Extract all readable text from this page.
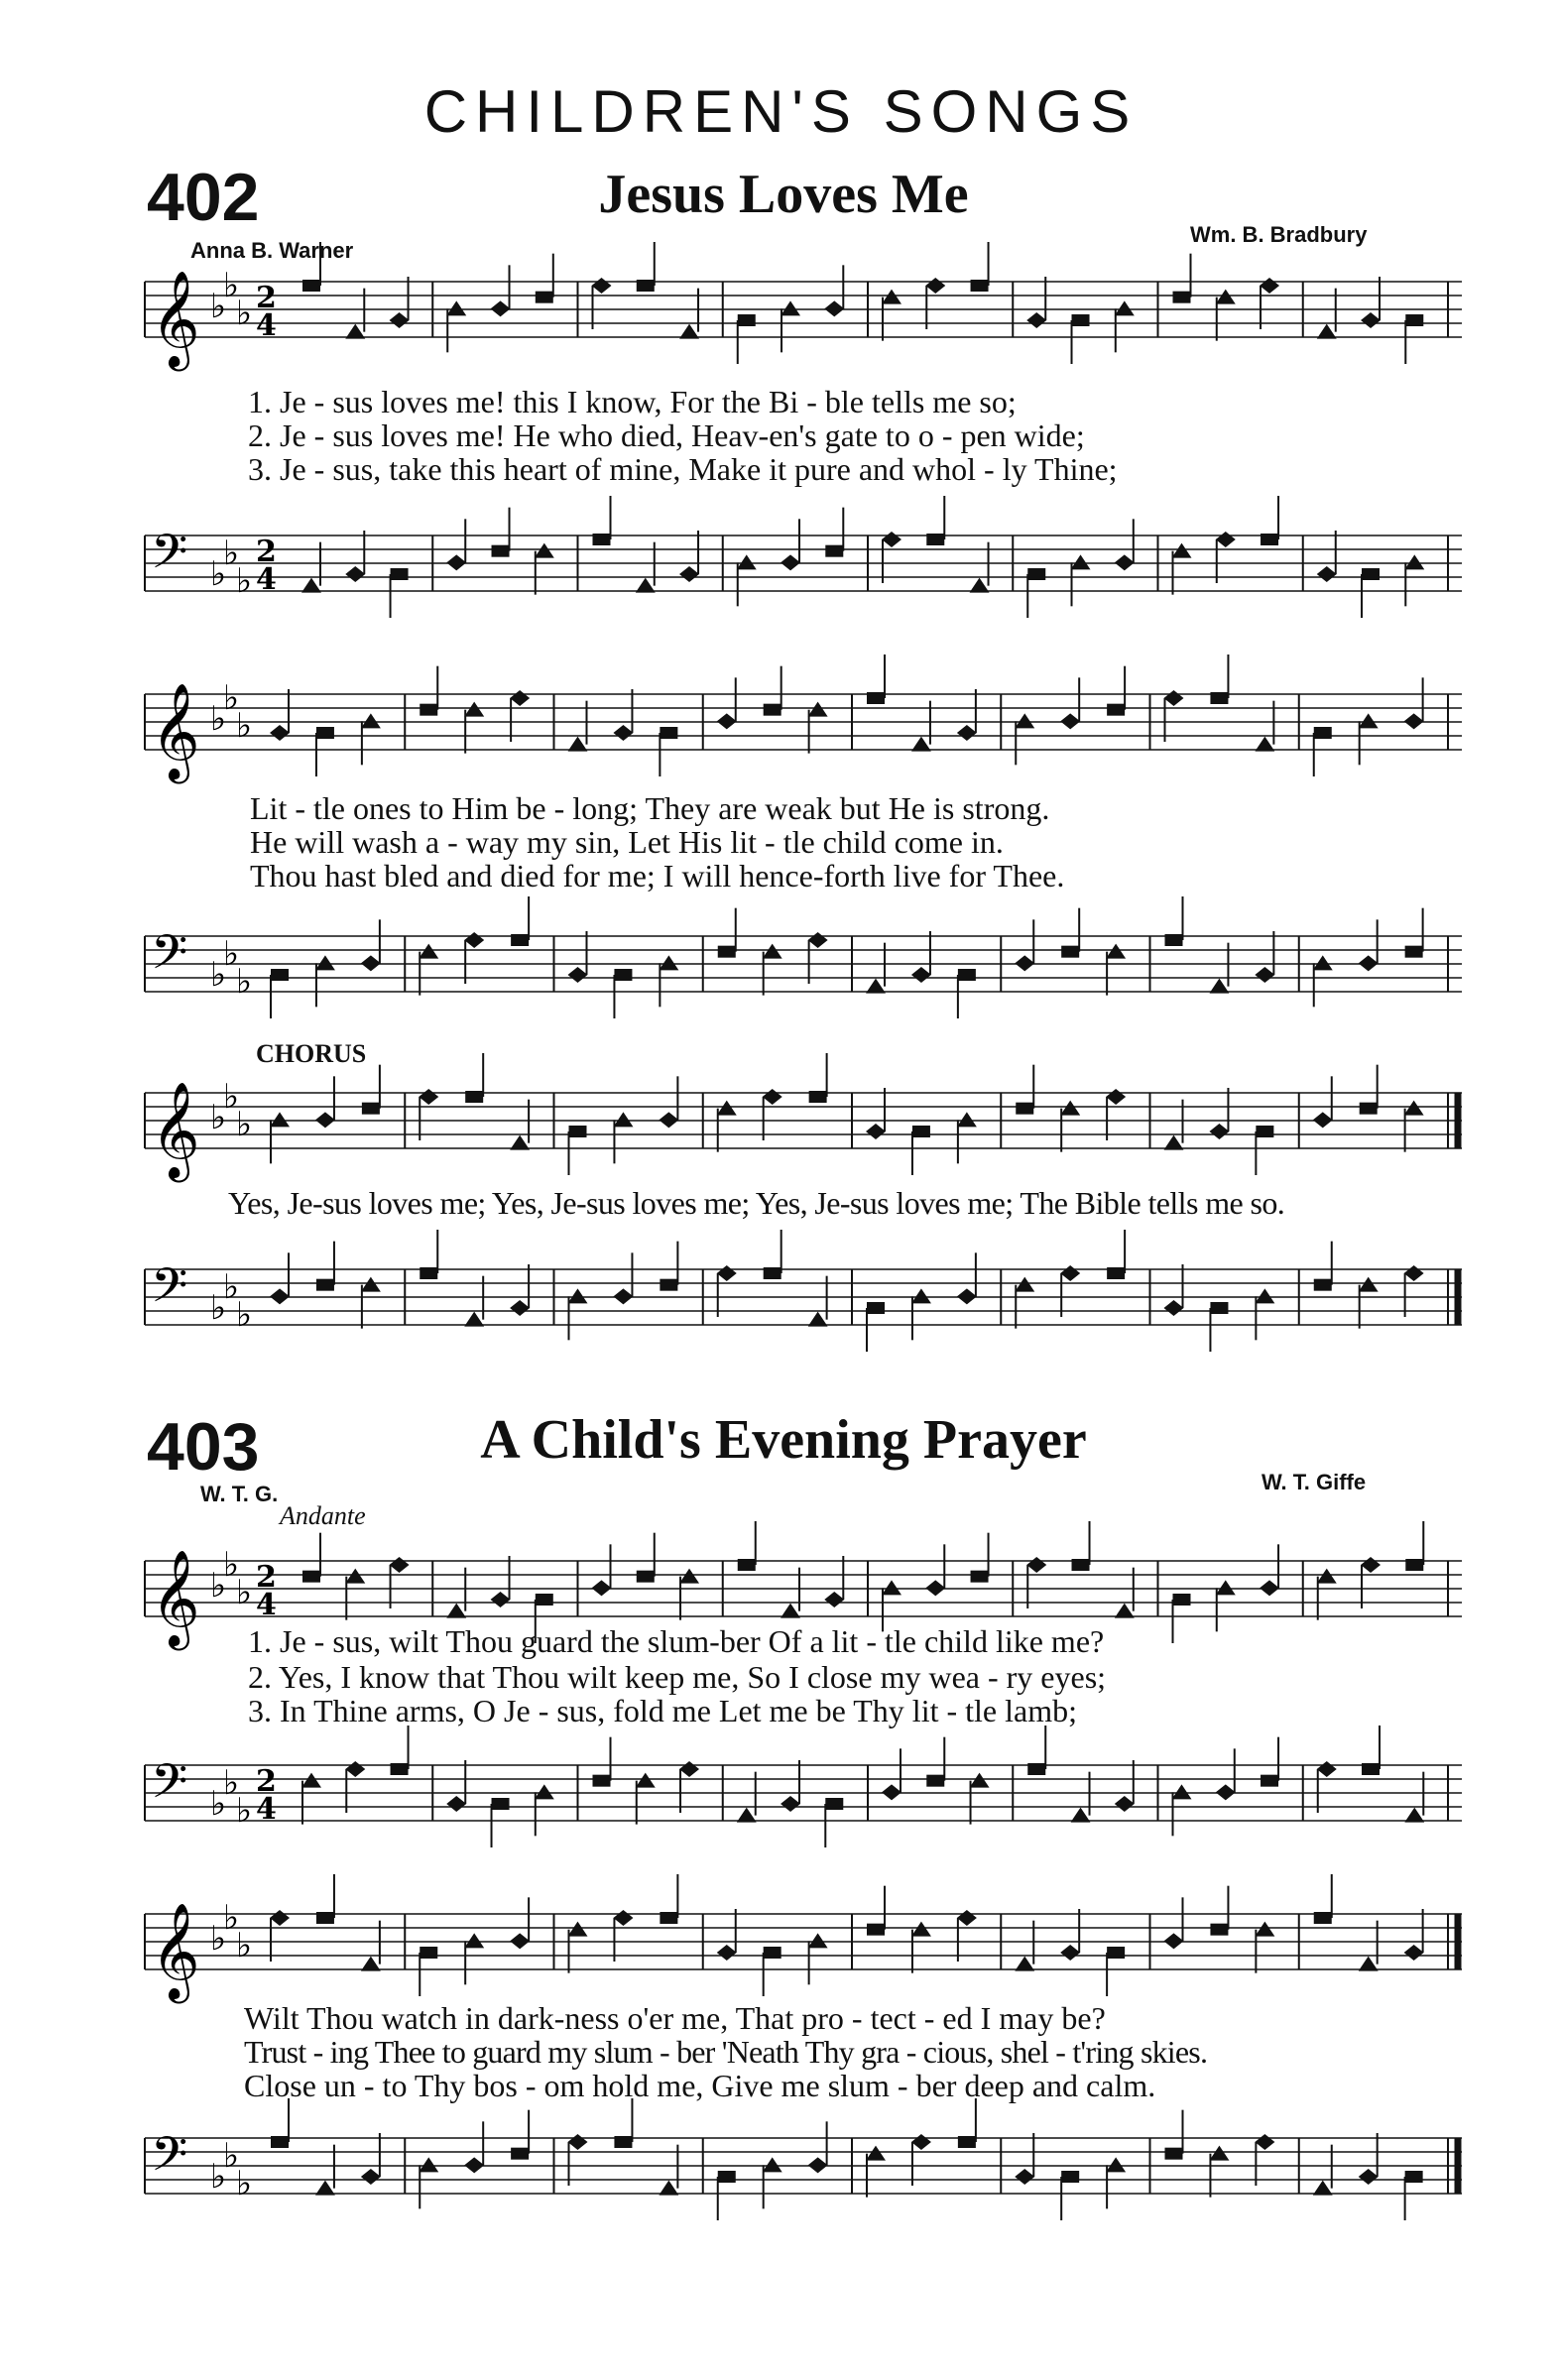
CHILDREN'S SONGS
402	Jesus Loves Me
Anna B. Warner
Wm. B. Bradbury
𝄞 ♭
♭
♭ 2
4
1. Je - sus loves me! this I know, For the Bi - ble tells me so;
2. Je - sus loves me! He who died, Heav-en's gate to o - pen wide;
3. Je - sus, take this heart of mine, Make it pure and whol - ly Thine;
𝄢 ♭
♭
♭
2
4
𝄞 ♭
♭
♭
Lit - tle ones to Him be - long; They are weak but He is strong.
He will wash a - way my sin, Let His lit - tle child come in.
Thou hast bled and died for me; I will hence-forth live for Thee.
𝄢 ♭
♭
♭
CHORUS
𝄞 ♭
♭
♭
Yes, Je-sus loves me; Yes, Je-sus loves me; Yes, Je-sus loves me; The Bible tells me so.
𝄢 ♭
♭
♭
403	A Child's Evening Prayer
W. T. G.	W. T. Giffe
Andante
𝄞 ♭
♭
♭ 2
4
1. Je - sus, wilt Thou guard the slum-ber Of a lit - tle child like me?
2. Yes, I know that Thou wilt keep me, So I close my wea - ry eyes;
3. In Thine arms, O Je - sus, fold me Let me be Thy lit - tle lamb;
𝄢 ♭
♭
♭
2
4
𝄞 ♭
♭
♭
Wilt Thou watch in dark-ness o'er me, That pro - tect - ed I may be?
Trust - ing Thee to guard my slum - ber 'Neath Thy gra - cious, shel - t'ring skies.
Close un - to Thy bos - om hold me, Give me slum - ber deep and calm.
𝄢 ♭
♭
♭
